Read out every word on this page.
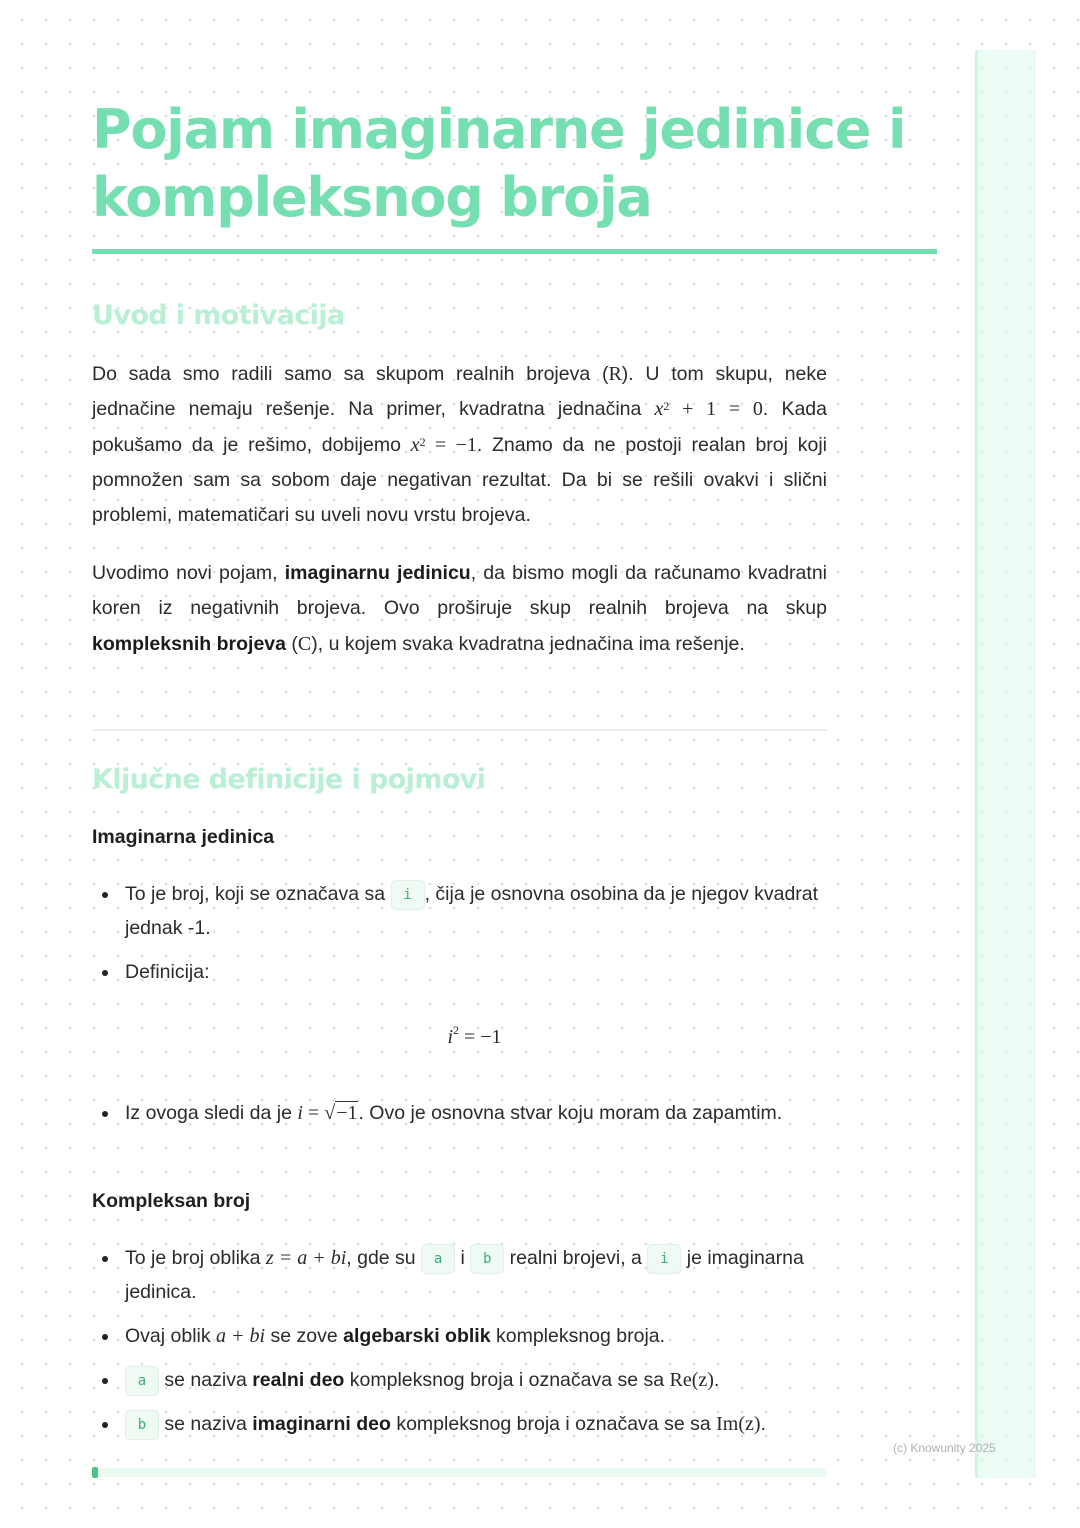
Pojam imaginarne jedinice i
kompleksnog broja
Uvod i motivacija

Do sada smo radili samo sa skupom realnih brojeva (R). U tom skupu, neke jednačine nemaju rešenje. Na primer, kvadratna jednačina $x^2 + 1 = 0$. Kada pokušamo da je rešimo, dobijemo $x^2 = -1$. Znamo da ne postoji realan broj koji pomnožen sam sa sobom daje negativan rezultat. Da bi se rešili ovakvi i slični problemi, matematičari su uveli novu vrstu brojeva.

Uvodimo novi pojam, imaginarnu jedinicu, da bismo mogli da računamo kvadratni koren iz negativnih brojeva. Ovo proširuje skup realnih brojeva na skup kompleksnih brojeva (C), u kojem svaka kvadratna jednačina ima rešenje.

Ključne definicije i pojmovi
Imaginarna jedinica
To je broj, koji se označava sa i , čija je osnovna osobina da je njegov kvadrat jednak -1.
Definicija:
$i^2 = -1$
Iz ovoga sledi da je i = √−1. Ovo je osnovna stvar koju moram da zapamtim.
Kompleksan broj
To je broj oblika z = a + bi, gde su a i b realni brojevi, a i je imaginarna jedinica.
Ovaj oblik a + bi se zove algebarski oblik kompleksnog broja.
a se naziva realni deo kompleksnog broja i označava se sa Re(z).
b se naziva imaginarni deo kompleksnog broja i označava se sa Im(z).
(c) Knowunity 2025
